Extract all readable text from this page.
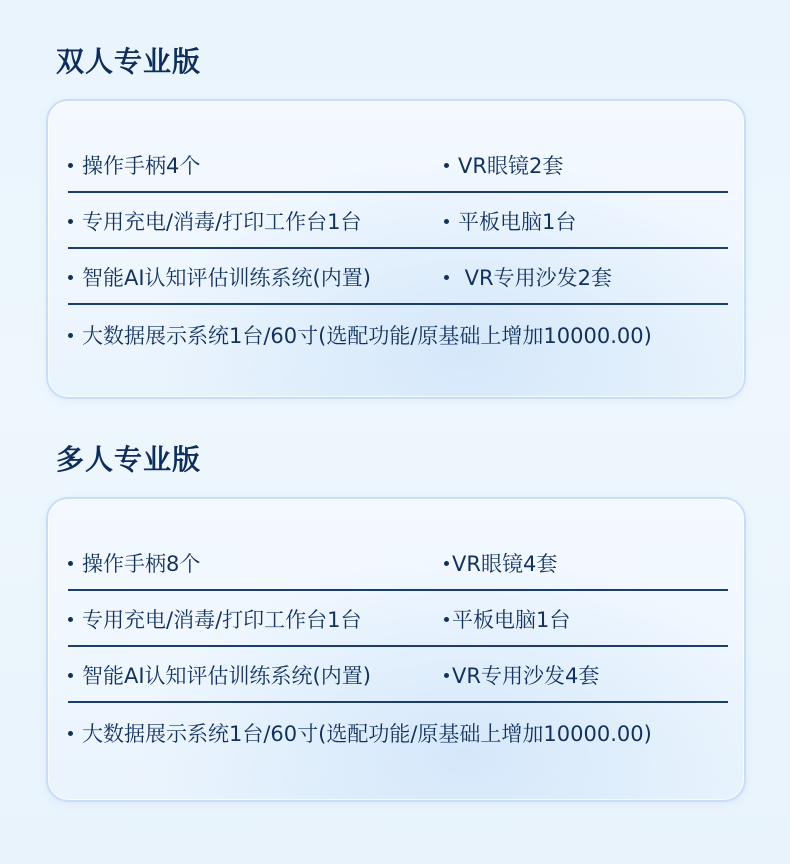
双人专业版
操作手柄4个	VR眼镜2套
专用充电/消毒/打印工作台1台	平板电脑1台
智能AI认知评估训练系统(内置)	VR专用沙发2套
大数据展示系统1台/60寸(选配功能/原基础上增加10000.00)
多人专业版
操作手柄8个	VR眼镜4套
专用充电/消毒/打印工作台1台	平板电脑1台
智能AI认知评估训练系统(内置)	VR专用沙发4套
大数据展示系统1台/60寸(选配功能/原基础上增加10000.00)
